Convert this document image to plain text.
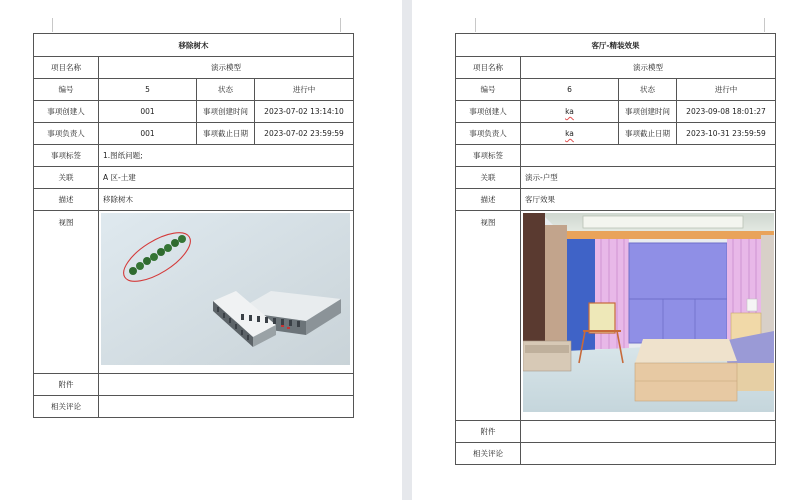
移除树木			
项目名称	演示模型		
编号	5	状态	进行中
事项创建人	001	事项创建时间	2023-07-02 13:14:10
事项负责人	001	事项截止日期	2023-07-02 23:59:59
事项标签	1.图纸问题;		
关联	A 区-土建		
描述	移除树木		
视图	

附件			
相关评论			
客厅-精装效果			
项目名称	演示模型		
编号	6	状态	进行中
事项创建人	ka	事项创建时间	2023-09-08 18:01:27
事项负责人	ka	事项截止日期	2023-10-31 23:59:59
事项标签			
关联	演示-户型		
描述	客厅效果		
视图	

附件			
相关评论			
